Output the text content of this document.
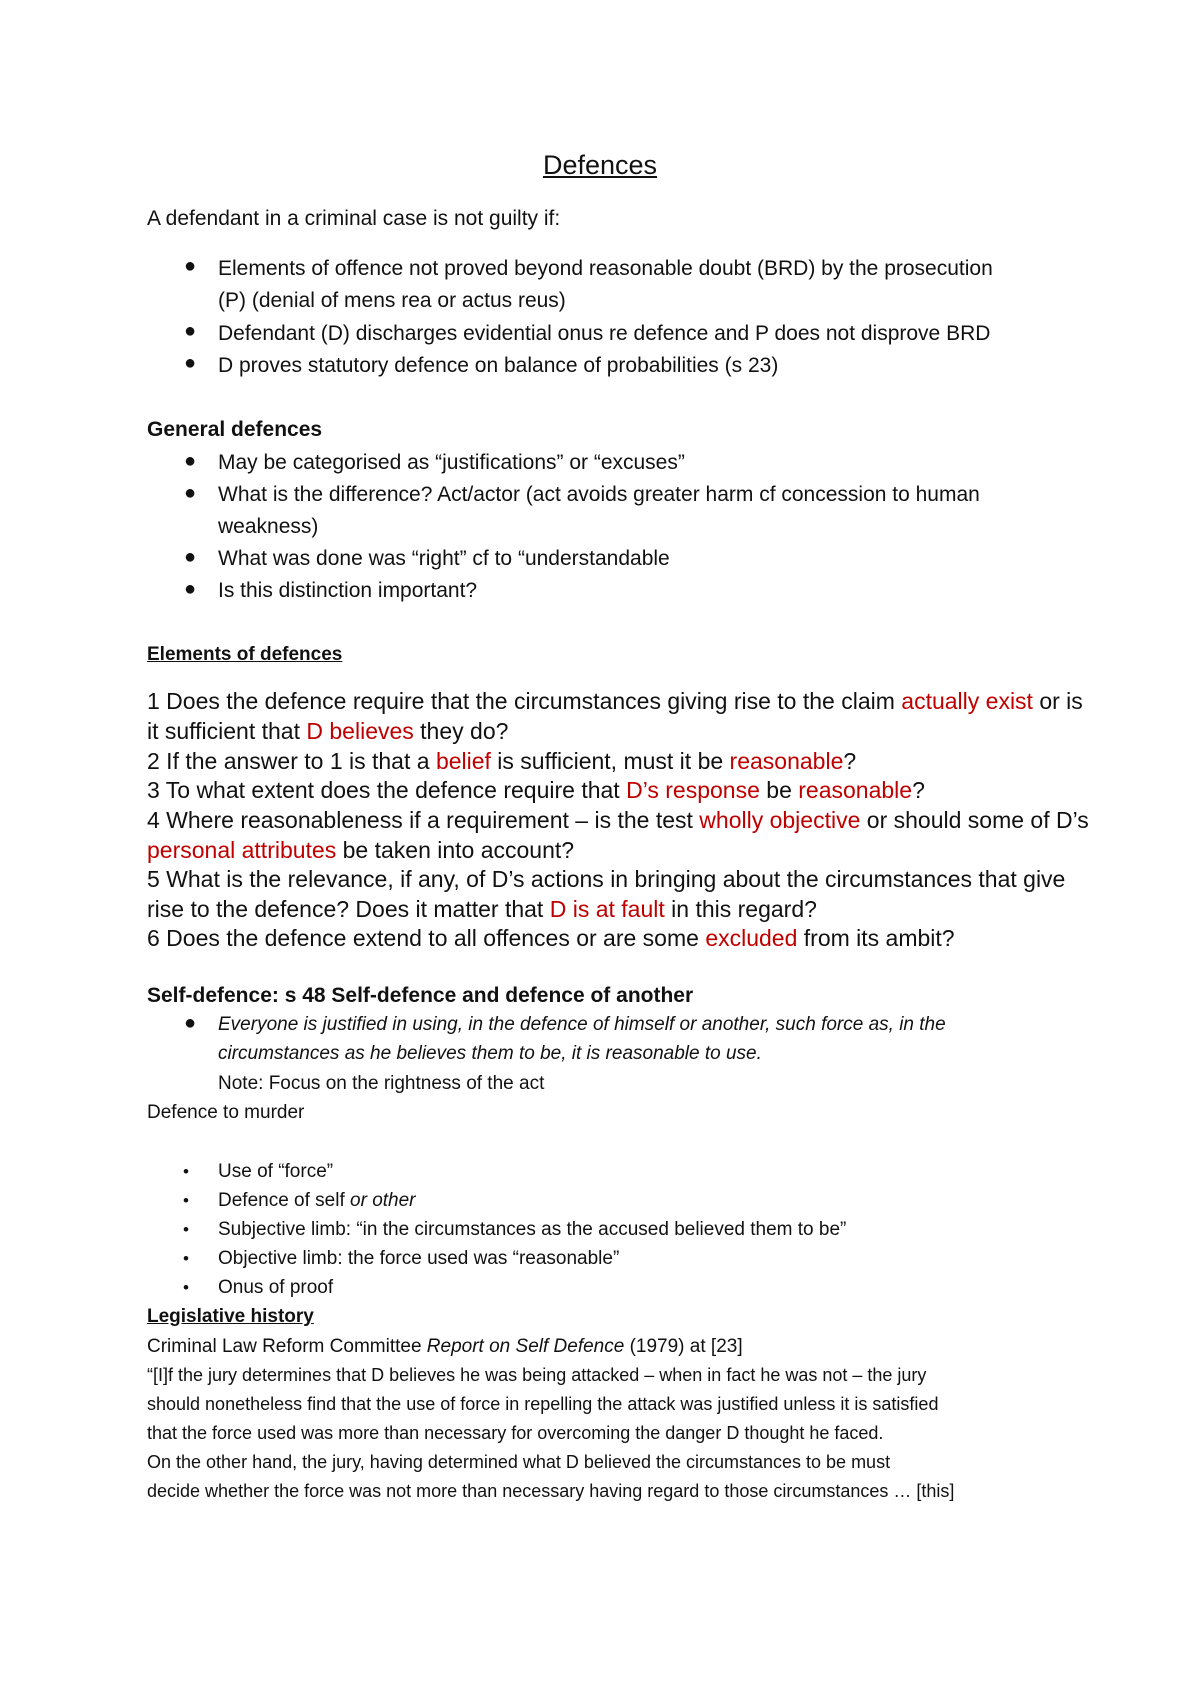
Defences
A defendant in a criminal case is not guilty if:
● Elements of offence not proved beyond reasonable doubt (BRD) by the prosecution
(P) (denial of mens rea or actus reus)
● Defendant (D) discharges evidential onus re defence and P does not disprove BRD
● D proves statutory defence on balance of probabilities (s 23)
General defences
● May be categorised as “justifications” or “excuses”
● What is the difference? Act/actor (act avoids greater harm cf concession to human
weakness)
● What was done was “right” cf to “understandable
● Is this distinction important?
Elements of defences
1 Does the defence require that the circumstances giving rise to the claim actually exist or is
it sufficient that D believes they do?
2 If the answer to 1 is that a belief is sufficient, must it be reasonable?
3 To what extent does the defence require that D’s response be reasonable?
4 Where reasonableness if a requirement – is the test wholly objective or should some of D’s
personal attributes be taken into account?
5 What is the relevance, if any, of D’s actions in bringing about the circumstances that give
rise to the defence? Does it matter that D is at fault in this regard?
6 Does the defence extend to all offences or are some excluded from its ambit?
Self-defence: s 48 Self-defence and defence of another
● Everyone is justified in using, in the defence of himself or another, such force as, in the
circumstances as he believes them to be, it is reasonable to use.
Note: Focus on the rightness of the act
Defence to murder
• Use of “force”
• Defence of self or other
• Subjective limb: “in the circumstances as the accused believed them to be”
• Objective limb: the force used was “reasonable”
• Onus of proof
Legislative history
Criminal Law Reform Committee Report on Self Defence (1979) at [23]
“[I]f the jury determines that D believes he was being attacked – when in fact he was not – the jury
should nonetheless find that the use of force in repelling the attack was justified unless it is satisfied
that the force used was more than necessary for overcoming the danger D thought he faced.
On the other hand, the jury, having determined what D believed the circumstances to be must
decide whether the force was not more than necessary having regard to those circumstances … [this]
